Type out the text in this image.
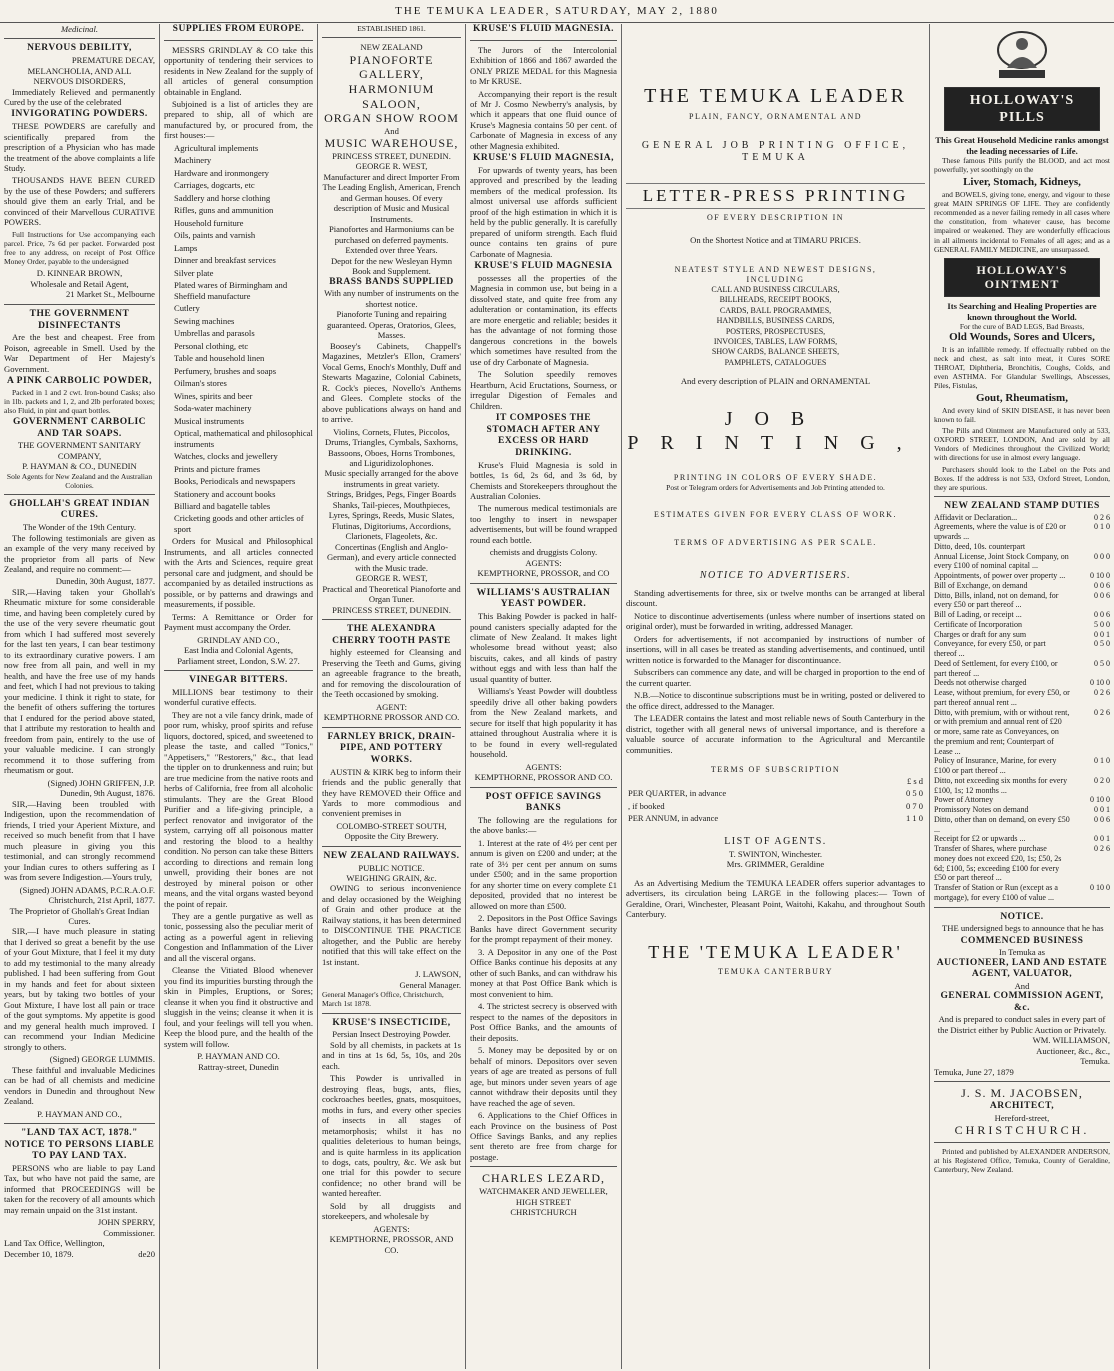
THE TEMUKA LEADER, SATURDAY, MAY 2, 1880
Medicinal.
NERVOUS DEBILITY,
PREMATURE DECAY,
MELANCHOLIA, AND ALL
NERVOUS DISORDERS,
Immediately Relieved and permanently Cured by the use of the celebrated
INVIGORATING POWDERS.
THESE POWDERS are carefully and scientifically prepared from the prescription of a Physician who has made the treatment of the above complaints a life Study.
THOUSANDS HAVE BEEN CURED by the use of these Powders; and sufferers should give them an early Trial, and be convinced of their Marvellous CURATIVE POWERS.
Full Instructions for Use accompanying each parcel. Price, 7s 6d per packet. Forwarded post free to any address, on receipt of Post Office Money Order, payable to the undersigned
D. KINNEAR BROWN,
Wholesale and Retail Agent,
21 Market St., Melbourne
THE GOVERNMENT DISINFECTANTS
Are the best and cheapest. Free from Poison, agreeable in Smell. Used by the War Department of Her Majesty's Government.
A PINK CARBOLIC POWDER,
Packed in 1 and 2 cwt. Iron-bound Casks; also in 1lb. packets and 1, 2, and 2lb perforated boxes; also Fluid, in pint and quart bottles.
GOVERNMENT CARBOLIC AND TAR SOAPS.
THE GOVERNMENT SANITARY COMPANY,
P. HAYMAN & CO., DUNEDIN
Sole Agents for New Zealand and the Australian Colonies.
GHOLLAH'S GREAT INDIAN CURES.
The Wonder of the 19th Century.
The following testimonials are given as an example of the very many received by the proprietor from all parts of New Zealand, and require no comment:—
Dunedin, 30th August, 1877.
SIR,—Having taken your Ghollah's Rheumatic mixture for some considerable time, and having been completely cured by the use of the very severe rheumatic gout from which I had suffered most severely for the last ten years, I can bear testimony to its extraordinary curative powers. I am now free from all pain, and well in my health, and have the free use of my hands and feet, which I had not previous to taking your medicine. I think it right to state, for the benefit of others suffering the tortures that I endured for the period above stated, that I attribute my restoration to health and freedom from pain, entirely to the use of your valuable medicine. I can strongly recommend it to those suffering from rheumatism or gout.
(Signed) JOHN GRIFFEN, J.P.
Dunedin, 9th August, 1876.
SIR,—Having been troubled with Indigestion, upon the recommendation of friends, I tried your Aperient Mixture, and received so much benefit from that I have much pleasure in giving you this testimonial, and can strongly recommend your Indian cures to others suffering as I was from severe Indigestion.—Yours truly,
(Signed) JOHN ADAMS, P.C.R.A.O.F.
Christchurch, 21st April, 1877.
The Proprietor of Ghollah's Great Indian Cures.
SIR,—I have much pleasure in stating that I derived so great a benefit by the use of your Gout Mixture, that I feel it my duty to add my testimonial to the many already published. I had been suffering from Gout in my hands and feet for about sixteen years, but by taking two bottles of your Gout Mixture, I have lost all pain or trace of the gout symptoms. My appetite is good and my general health much improved. I can recommend your Indian Medicine strongly to others.
(Signed) GEORGE LUMMIS.
These faithful and invaluable Medicines can be had of all chemists and medicine vendors in Dunedin and throughout New Zealand.
P. HAYMAN AND CO.,
"LAND TAX ACT, 1878."
NOTICE TO PERSONS LIABLE TO PAY LAND TAX.
PERSONS who are liable to pay Land Tax, but who have not paid the same, are informed that PROCEEDINGS will be taken for the recovery of all amounts which may remain unpaid on the 31st instant.
JOHN SPERRY,
Commissioner.
Land Tax Office, Wellington,
December 10, 1879.	de20
SUPPLIES FROM EUROPE.
MESSRS GRINDLAY & CO take this opportunity of tendering their services to residents in New Zealand for the supply of all articles of general consumption obtainable in England.
Subjoined is a list of articles they are prepared to ship, all of which are manufactured by, or procured from, the first houses:—
Agricultural implements
Machinery
Hardware and ironmongery
Carriages, dogcarts, etc
Saddlery and horse clothing
Rifles, guns and ammunition
Household furniture
Oils, paints and varnish
Lamps
Dinner and breakfast services
Silver plate
Plated wares of Birmingham and Sheffield manufacture
Cutlery
Sewing machines
Umbrellas and parasols
Personal clothing, etc
Table and household linen
Perfumery, brushes and soaps
Oilman's stores
Wines, spirits and beer
Soda-water machinery
Musical instruments
Optical, mathematical and philosophical instruments
Watches, clocks and jewellery
Prints and picture frames
Books, Periodicals and newspapers
Stationery and account books
Billiard and bagatelle tables
Cricketing goods and other articles of sport
Orders for Musical and Philosophical Instruments, and all articles connected with the Arts and Sciences, require great personal care and judgment, and should be accompanied by as detailed instructions as possible, or by patterns and drawings and measurements, if possible.
Terms: A Remittance or Order for Payment must accompany the Order.
GRINDLAY AND CO.,
East India and Colonial Agents,
Parliament street, London, S.W. 27.
VINEGAR BITTERS.
MILLIONS bear testimony to their wonderful curative effects.
They are not a vile fancy drink, made of poor rum, whisky, proof spirits and refuse liquors, doctored, spiced, and sweetened to please the taste, and called "Tonics," "Appetisers," "Restorers," &c., that lead the tippler on to drunkenness and ruin; but are true medicine from the native roots and herbs of California, free from all alcoholic stimulants. They are the Great Blood Purifier and a life-giving principle, a perfect renovator and invigorator of the system, carrying off all poisonous matter and restoring the blood to a healthy condition. No person can take these Bitters according to directions and remain long unwell, providing their bones are not destroyed by mineral poison or other means, and the vital organs wasted beyond the point of repair.
They are a gentle purgative as well as tonic, possessing also the peculiar merit of acting as a powerful agent in relieving Congestion and Inflammation of the Liver and all the visceral organs.
Cleanse the Vitiated Blood whenever you find its impurities bursting through the skin in Pimples, Eruptions, or Sores; cleanse it when you find it obstructive and sluggish in the veins; cleanse it when it is foul, and your feelings will tell you when. Keep the blood pure, and the health of the system will follow.
P. HAYMAN AND CO.
Rattray-street, Dunedin
ESTABLISHED 1861.
NEW ZEALAND
PIANOFORTE GALLERY,
HARMONIUM SALOON,
ORGAN SHOW ROOM
And
MUSIC WAREHOUSE,
PRINCESS STREET, DUNEDIN.
GEORGE R. WEST,
Manufacturer and direct Importer From The Leading English, American, French and German houses. Of every description of Music and Musical Instruments.
Pianofortes and Harmoniums can be purchased on deferred payments. Extended over three Years.
Depot for the new Wesleyan Hymn Book and Supplement.
BRASS BANDS SUPPLIED
With any number of instruments on the shortest notice.
Pianoforte Tuning and repairing guaranteed. Operas, Oratorios, Glees, Masses.
Boosey's Cabinets, Chappell's Magazines, Metzler's Ellon, Cramers' Vocal Gems, Enoch's Monthly, Duff and Stewarts Magazine, Colonial Cabinets, R. Cock's pieces, Novello's Anthems and Glees. Complete stocks of the above publications always on hand and to arrive.
Violins, Cornets, Flutes, Piccolos, Drums, Triangles, Cymbals, Saxhorns, Bassoons, Oboes, Horns Trombones, and Liguridizolophones.
Music specially arranged for the above instruments in great variety.
Strings, Bridges, Pegs, Finger Boards Shanks, Tail-pieces, Mouthpieces, Lyres, Springs, Reeds, Music Slates, Flutinas, Digitoriums, Accordions, Clarionets, Flageolets, &c.
Concertinas (English and Anglo-German), and every article connected with the Music trade.
GEORGE R. WEST,
Practical and Theoretical Pianoforte and Organ Tuner.
PRINCESS STREET, DUNEDIN.
THE ALEXANDRA
CHERRY TOOTH PASTE
highly esteemed for Cleansing and Preserving the Teeth and Gums, giving an agreeable fragrance to the breath, and for removing the discolouration of the Teeth occasioned by smoking.
AGENT:
KEMPTHORNE PROSSOR AND CO.
FARNLEY BRICK, DRAIN-PIPE, AND POTTERY WORKS.
AUSTIN & KIRK beg to inform their friends and the public generally that they have REMOVED their Office and Yards to more commodious and convenient premises in
COLOMBO-STREET SOUTH,
Opposite the City Brewery.
NEW ZEALAND RAILWAYS.
PUBLIC NOTICE.
WEIGHING GRAIN, &c.
OWING to serious inconvenience and delay occasioned by the Weighing of Grain and other produce at the Railway stations, it has been determined to DISCONTINUE THE PRACTICE altogether, and the Public are hereby notified that this will take effect on the 1st instant.
J. LAWSON,
General Manager.
General Manager's Office, Christchurch, March 1st 1878.
KRUSE'S INSECTICIDE,
Persian Insect Destroying Powder.
Sold by all chemists, in packets at 1s and in tins at 1s 6d, 5s, 10s, and 20s each.
This Powder is unrivalled in destroying fleas, bugs, ants, flies, cockroaches beetles, gnats, mosquitoes, moths in furs, and every other species of insects in all stages of metamorphosis; whilst it has no qualities deleterious to human beings, and is quite harmless in its application to dogs, cats, poultry, &c. We ask but one trial for this powder to secure confidence; no other brand will be wanted hereafter.
Sold by all druggists and storekeepers, and wholesale by
AGENTS:
KEMPTHORNE, PROSSOR, AND CO.
KRUSE'S FLUID MAGNESIA.
The Jurors of the Intercolonial Exhibition of 1866 and 1867 awarded the ONLY PRIZE MEDAL for this Magnesia to Mr KRUSE.
Accompanying their report is the result of Mr J. Cosmo Newberry's analysis, by which it appears that one fluid ounce of Kruse's Magnesia contains 50 per cent. of Carbonate of Magnesia in excess of any other Magnesia exhibited.
KRUSE'S FLUID MAGNESIA,
For upwards of twenty years, has been approved and prescribed by the leading members of the medical profession. Its almost universal use affords sufficient proof of the high estimation in which it is held by the public generally. It is carefully prepared of uniform strength. Each fluid ounce contains ten grains of pure Carbonate of Magnesia.
KRUSE'S FLUID MAGNESIA
possesses all the properties of the Magnesia in common use, but being in a dissolved state, and quite free from any adulteration or contamination, its effects are more energetic and reliable; besides it has the advantage of not forming those dangerous concretions in the bowels which sometimes have resulted from the use of dry Carbonate of Magnesia.
The Solution speedily removes Heartburn, Acid Eructations, Sourness, or irregular Digestion of Females and Children.
IT COMPOSES THE STOMACH AFTER ANY EXCESS OR HARD DRINKING.
Kruse's Fluid Magnesia is sold in bottles, 1s 6d, 2s 6d, and 3s 6d, by Chemists and Storekeepers throughout the Australian Colonies.
The numerous medical testimonials are too lengthy to insert in newspaper advertisements, but will be found wrapped round each bottle.
chemists and druggists Colony.
AGENTS:
KEMPTHORNE, PROSSOR, and CO
WILLIAMS'S AUSTRALIAN YEAST POWDER.
This Baking Powder is packed in half-pound canisters specially adapted for the climate of New Zealand. It makes light wholesome bread without yeast; also biscuits, cakes, and all kinds of pastry without eggs and with less than half the usual quantity of butter.
Williams's Yeast Powder will doubtless speedily drive all other baking powders from the New Zealand markets, and secure for itself that high popularity it has attained throughout Australia where it is to be found in every well-regulated household.
AGENTS:
KEMPTHORNE, PROSSOR AND CO.
POST OFFICE SAVINGS BANKS
The following are the regulations for the above banks:—
1. Interest at the rate of 4½ per cent per annum is given on £200 and under; at the rate of 3½ per cent per annum on sums under £500; and in the same proportion for any shorter time on every complete £1 deposited, provided that no interest be allowed on more than £500.
2. Depositors in the Post Office Savings Banks have direct Government security for the prompt repayment of their money.
3. A Depositor in any one of the Post Office Banks continue his deposits at any other of such Banks, and can withdraw his money at that Post Office Bank which is most convenient to him.
4. The strictest secrecy is observed with respect to the names of the depositors in Post Office Banks, and the amounts of their deposits.
5. Money may be deposited by or on behalf of minors. Depositors over seven years of age are treated as persons of full age, but minors under seven years of age cannot withdraw their deposits until they have reached the age of seven.
6. Applications to the Chief Offices in each Province on the business of Post Office Savings Banks, and any replies sent thereto are free from charge for postage.
CHARLES LEZARD,
WATCHMAKER AND JEWELLER,
HIGH STREET
CHRISTCHURCH
THE TEMUKA LEADER
PLAIN, FANCY, ORNAMENTAL AND
GENERAL JOB PRINTING OFFICE,
TEMUKA
LETTER-PRESS PRINTING
OF EVERY DESCRIPTION IN
On the Shortest Notice and at TIMARU PRICES.
NEATEST STYLE AND NEWEST DESIGNS,
INCLUDING
CALL AND BUSINESS CIRCULARS,
BILLHEADS, RECEIPT BOOKS,
CARDS, BALL PROGRAMMES,
HANDBILLS, BUSINESS CARDS,
POSTERS, PROSPECTUSES,
INVOICES, TABLES, LAW FORMS,
SHOW CARDS, BALANCE SHEETS,
PAMPHLETS, CATALOGUES
And every description of PLAIN and ORNAMENTAL
JOB PRINTING,
PRINTING IN COLORS OF EVERY SHADE.
Post or Telegram orders for Advertisements and Job Printing attended to.
ESTIMATES GIVEN FOR EVERY CLASS OF WORK.
TERMS OF ADVERTISING AS PER SCALE.
NOTICE TO ADVERTISERS.
Standing advertisements for three, six or twelve months can be arranged at liberal discount.
Notice to discontinue advertisements (unless where number of insertions stated on original order), must be forwarded in writing, addressed Manager.
Orders for advertisements, if not accompanied by instructions of number of insertions, will in all cases be treated as standing advertisements, and continued, until written notice is forwarded to the Manager for discontinuance.
Subscribers can commence any date, and will be charged in proportion to the end of the current quarter.
N.B.—Notice to discontinue subscriptions must be in writing, posted or delivered to the office direct, addressed to the Manager.
The LEADER contains the latest and most reliable news of South Canterbury in the district, together with all general news of universal importance, and is therefore a valuable source of accurate information to the Agricultural and Mercantile communities.
TERMS OF SUBSCRIPTION
	£ s d
PER QUARTER, in advance	0 5 0
, if booked	0 7 0
PER ANNUM, in advance	1 1 0
LIST OF AGENTS.
T. SWINTON, Winchester.
Mrs. GRIMMER, Geraldine
As an Advertising Medium the TEMUKA LEADER offers superior advantages to advertisers, its circulation being LARGE in the following places:— Town of Geraldine, Orari, Winchester, Pleasant Point, Waitohi, Kakahu, and throughout South Canterbury.
THE 'TEMUKA LEADER'
TEMUKA CANTERBURY
HOLLOWAY'S PILLS
This Great Household Medicine ranks amongst the leading necessaries of Life.
These famous Pills purify the BLOOD, and act most powerfully, yet soothingly on the
Liver, Stomach, Kidneys,
and BOWELS, giving tone, energy, and vigour to these great MAIN SPRINGS OF LIFE. They are confidently recommended as a never failing remedy in all cases where the constitution, from whatever cause, has become impaired or weakened. They are wonderfully efficacious in all ailments incidental to Females of all ages; and as a GENERAL FAMILY MEDICINE, are unsurpassed.
HOLLOWAY'S OINTMENT
Its Searching and Healing Properties are known throughout the World.
For the cure of BAD LEGS, Bad Breasts,
Old Wounds, Sores and Ulcers,
It is an infallible remedy. If effectually rubbed on the neck and chest, as salt into meat, it Cures SORE THROAT, Diphtheria, Bronchitis, Coughs, Colds, and even ASTHMA. For Glandular Swellings, Abscesses, Piles, Fistulas,
Gout, Rheumatism,
And every kind of SKIN DISEASE, it has never been known to fail.
The Pills and Ointment are Manufactured only at 533, OXFORD STREET, LONDON, And are sold by all Vendors of Medicines throughout the Civilized World; with directions for use in almost every language.
Purchasers should look to the Label on the Pots and Boxes. If the address is not 533, Oxford Street, London, they are spurious.
NEW ZEALAND STAMP DUTIES
Affidavit or Declaration...	0 2 6
Agreements, where the value is of £20 or upwards ...	0 1 0
Ditto, deed, 10s. counterpart	
Annual License, Joint Stock Company, on every £100 of nominal capital ...	0 0 0
Appointments, of power over property ...	0 10 0
Bill of Exchange, on demand	0 0 6
Ditto, Bills, inland, not on demand, for every £50 or part thereof ...	0 0 6
Bill of Lading, or receipt ...	0 0 6
Certificate of Incorporation	5 0 0
Charges or draft for any sum	0 0 1
Conveyance, for every £50, or part thereof ...	0 5 0
Deed of Settlement, for every £100, or part thereof ...	0 5 0
Deeds not otherwise charged	0 10 0
Lease, without premium, for every £50, or part thereof annual rent ...	0 2 6
Ditto, with premium, with or without rent, or with premium and annual rent of £20 or more, same rate as Conveyances, on the premium and rent; Counterpart of Lease ...	0 2 6
Policy of Insurance, Marine, for every £100 or part thereof ...	0 1 0
Ditto, not exceeding six months for every £100, 1s; 12 months ...	0 2 0
Power of Attorney	0 10 0
Promissory Notes on demand	0 0 1
Ditto, other than on demand, on every £50 ...	0 0 6
Receipt for £2 or upwards ...	0 0 1
Transfer of Shares, where purchase money does not exceed £20, 1s; £50, 2s 6d; £100, 5s; exceeding £100 for every £50 or part thereof ...	0 2 6
Transfer of Station or Run (except as a mortgage), for every £100 of value ...	0 10 0
NOTICE.
THE undersigned begs to announce that he has
COMMENCED BUSINESS
In Temuka as
AUCTIONEER, LAND AND ESTATE AGENT, VALUATOR,
And
GENERAL COMMISSION AGENT, &c.
And is prepared to conduct sales in every part of the District either by Public Auction or Privately.
WM. WILLIAMSON,
Auctioneer, &c., &c.,
Temuka.
Temuka, June 27, 1879
J. S. M. JACOBSEN,
ARCHITECT,
Hereford-street,
CHRISTCHURCH.
Printed and published by ALEXANDER ANDERSON, at his Registered Office, Temuka, County of Geraldine, Canterbury, New Zealand.
